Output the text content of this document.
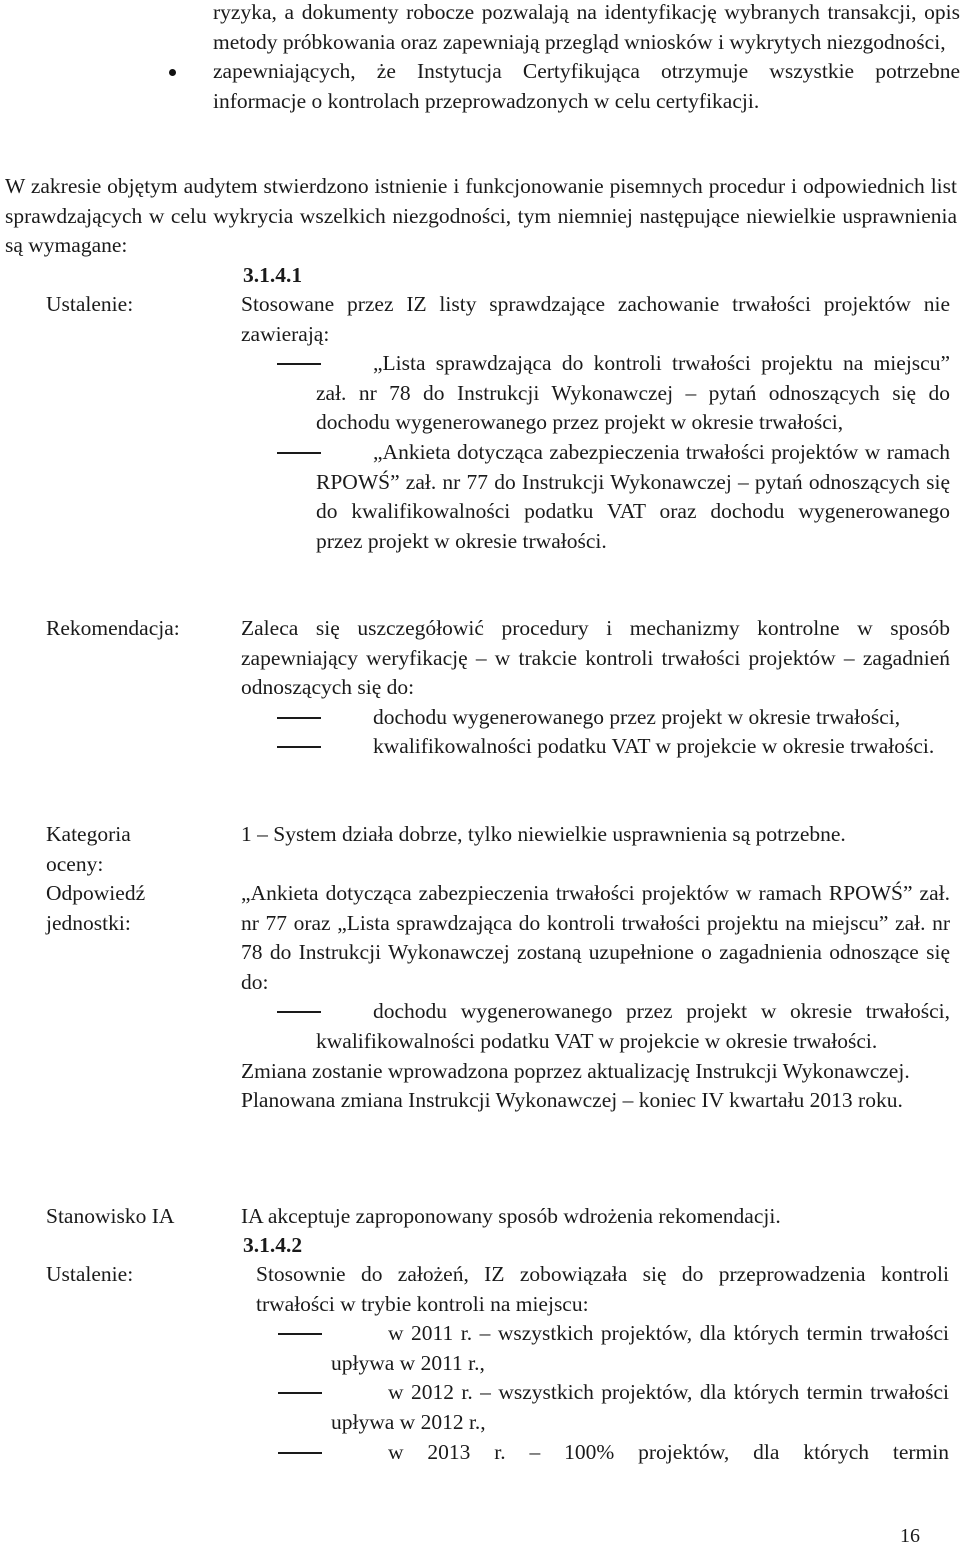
ryzyka, a dokumenty robocze pozwalają na identyfikację wybranych transakcji, opis metody próbkowania oraz zapewniają przegląd wniosków i wykrytych niezgodności,
zapewniających, że Instytucja Certyfikująca otrzymuje wszystkie potrzebne informacje o kontrolach przeprowadzonych w celu certyfikacji.
W zakresie objętym audytem stwierdzono istnienie i funkcjonowanie pisemnych procedur i odpowiednich list sprawdzających w celu wykrycia wszelkich niezgodności, tym niemniej następujące niewielkie usprawnienia są wymagane:
3.1.4.1
Ustalenie:	Stosowane przez IZ listy sprawdzające zachowanie trwałości projektów nie zawierają:
„Lista sprawdzająca do kontroli trwałości projektu na miejscu” zał. nr 78 do Instrukcji Wykonawczej – pytań odnoszących się do dochodu wygenerowanego przez projekt w okresie trwałości,
„Ankieta dotycząca zabezpieczenia trwałości projektów w ramach RPOWŚ” zał. nr 77 do Instrukcji Wykonawczej – pytań odnoszących się do kwalifikowalności podatku VAT oraz dochodu wygenerowanego przez projekt w okresie trwałości.
Rekomendacja:	Zaleca się uszczegółowić procedury i mechanizmy kontrolne w sposób zapewniający weryfikację – w trakcie kontroli trwałości projektów – zagadnień odnoszących się do:
dochodu wygenerowanego przez projekt w okresie trwałości,
kwalifikowalności podatku VAT w projekcie w okresie trwałości.
Kategoria oceny:
1 – System działa dobrze, tylko niewielkie usprawnienia są potrzebne.
Odpowiedź jednostki:
„Ankieta dotycząca zabezpieczenia trwałości projektów w ramach RPOWŚ” zał. nr 77 oraz „Lista sprawdzająca do kontroli trwałości projektu na miejscu” zał. nr 78 do Instrukcji Wykonawczej zostaną uzupełnione o zagadnienia odnoszące się do:
dochodu wygenerowanego przez projekt w okresie trwałości, kwalifikowalności podatku VAT w projekcie w okresie trwałości.
Zmiana zostanie wprowadzona poprzez aktualizację Instrukcji Wykonawczej.
Planowana zmiana Instrukcji Wykonawczej – koniec IV kwartału 2013 roku.
Stanowisko IA	IA akceptuje zaproponowany sposób wdrożenia rekomendacji.
3.1.4.2
Ustalenie:	Stosownie do założeń, IZ zobowiązała się do przeprowadzenia kontroli trwałości w trybie kontroli na miejscu:
w 2011 r. – wszystkich projektów, dla których termin trwałości upływa w 2011 r.,
w 2012 r. – wszystkich projektów, dla których termin trwałości upływa w 2012 r.,
w 2013 r. – 100% projektów, dla których termin
16
